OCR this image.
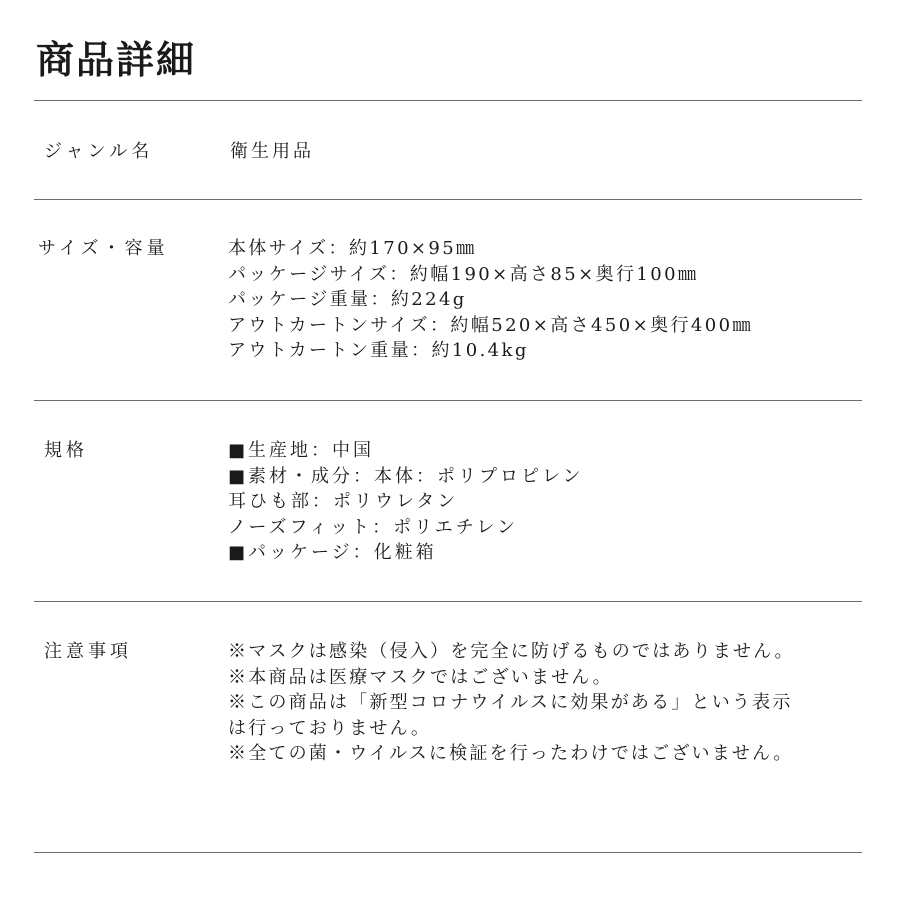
商品詳細
ジャンル名	衛生用品
サイズ・容量	本体サイズ：約170×95㎜
パッケージサイズ：約幅190×高さ85×奥行100㎜
パッケージ重量：約224g
アウトカートンサイズ：約幅520×高さ450×奥行400㎜
アウトカートン重量：約10.4kg
規格	■生産地：中国
■素材・成分：本体：ポリプロピレン
耳ひも部：ポリウレタン
ノーズフィット：ポリエチレン
■パッケージ：化粧箱
注意事項	※マスクは感染（侵入）を完全に防げるものではありません。
※本商品は医療マスクではございません。
※この商品は「新型コロナウイルスに効果がある」という表示
は行っておりません。
※全ての菌・ウイルスに検証を行ったわけではございません。
